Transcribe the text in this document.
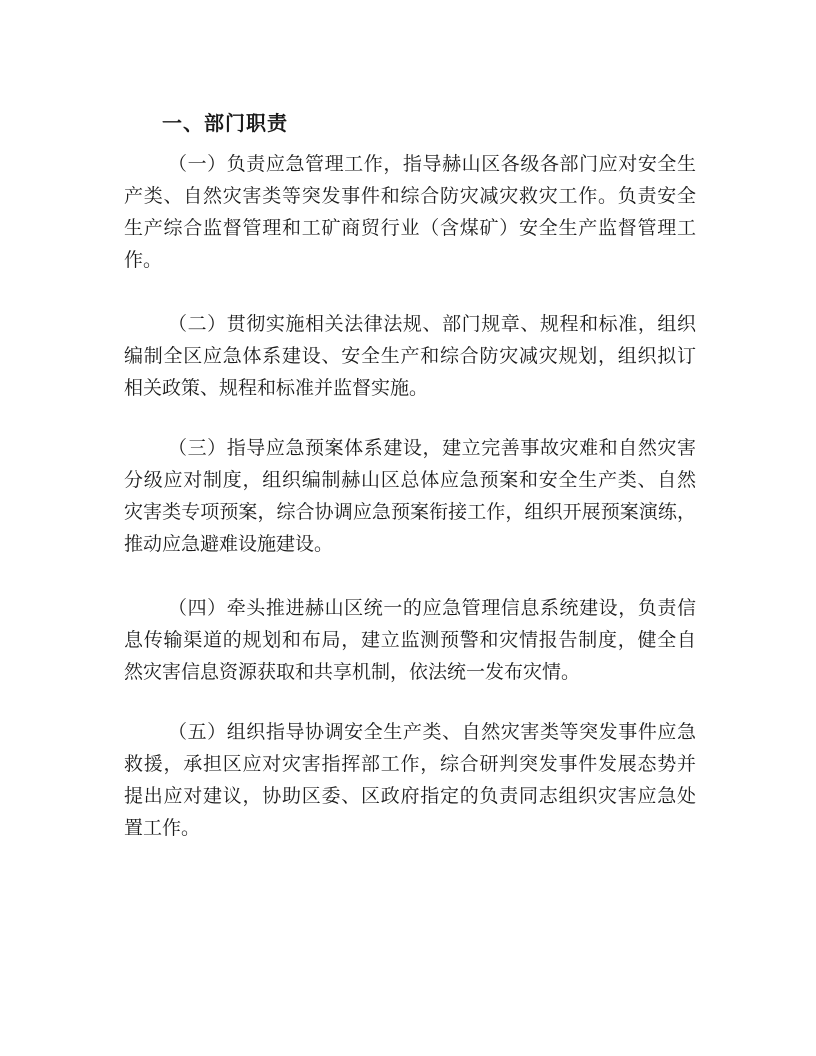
一、部门职责
（一）负责应急管理工作，指导赫山区各级各部门应对安全生
产类、自然灾害类等突发事件和综合防灾减灾救灾工作。负责安全
生产综合监督管理和工矿商贸行业（含煤矿）安全生产监督管理工
作。
（二）贯彻实施相关法律法规、部门规章、规程和标准，组织
编制全区应急体系建设、安全生产和综合防灾减灾规划，组织拟订
相关政策、规程和标准并监督实施。
（三）指导应急预案体系建设，建立完善事故灾难和自然灾害
分级应对制度，组织编制赫山区总体应急预案和安全生产类、自然
灾害类专项预案，综合协调应急预案衔接工作，组织开展预案演练，
推动应急避难设施建设。
（四）牵头推进赫山区统一的应急管理信息系统建设，负责信
息传输渠道的规划和布局，建立监测预警和灾情报告制度，健全自
然灾害信息资源获取和共享机制，依法统一发布灾情。
（五）组织指导协调安全生产类、自然灾害类等突发事件应急
救援，承担区应对灾害指挥部工作，综合研判突发事件发展态势并
提出应对建议，协助区委、区政府指定的负责同志组织灾害应急处
置工作。
